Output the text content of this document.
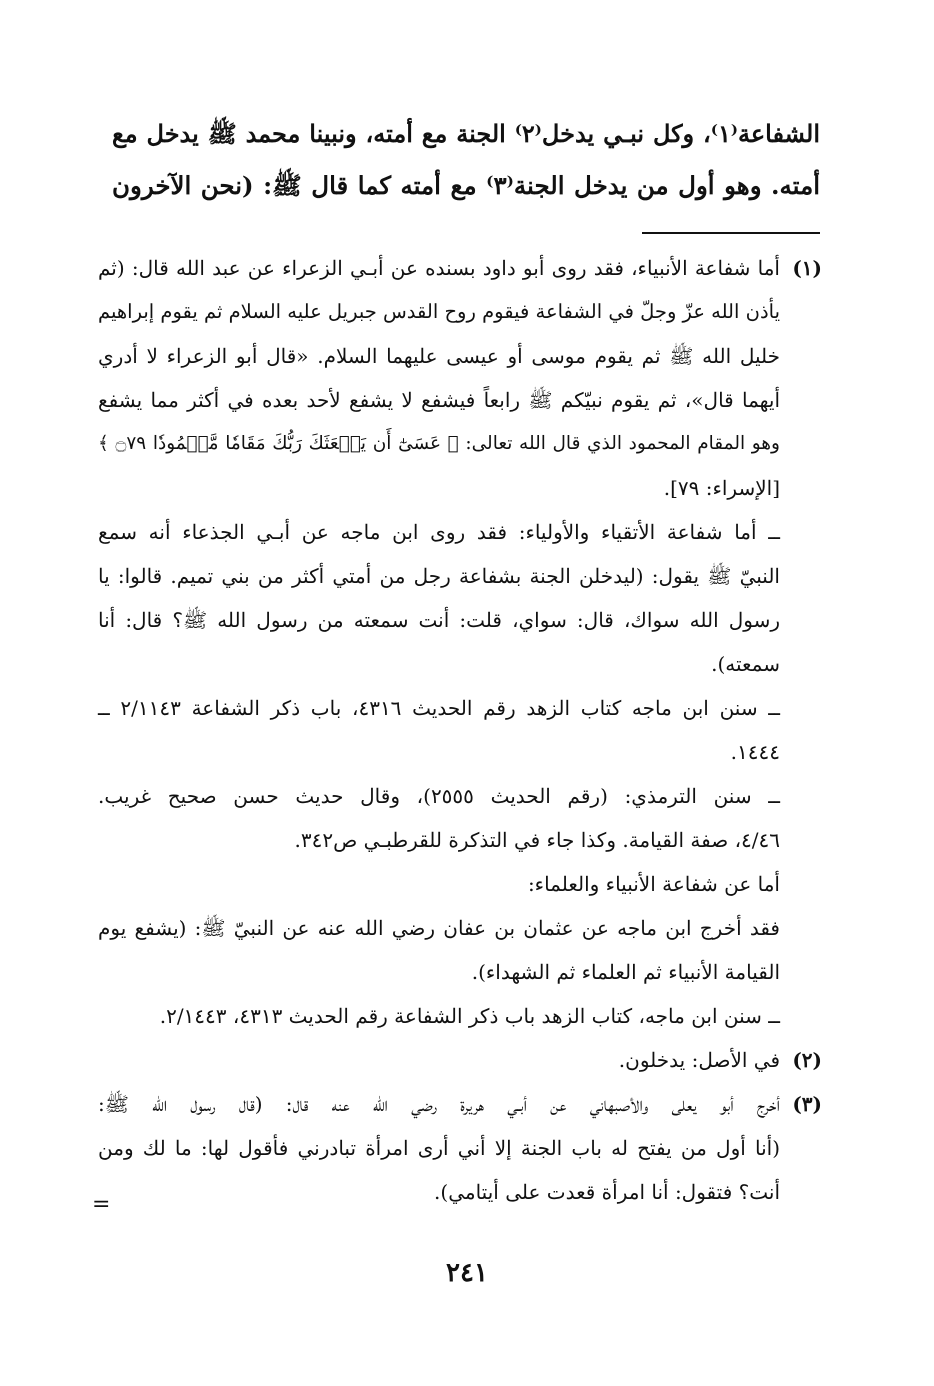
الشفاعة⁽١⁾، وكل نبـي يدخل⁽٢⁾ الجنة مع أمته، ونبينا محمد ﷺ يدخل مع
أمته. وهو أول من يدخل الجنة⁽٣⁾ مع أمته كما قال ﷺ: (نحن الآخرون
(١)
أما شفاعة الأنبياء، فقد روى أبو داود بسنده عن أبـي الزعراء عن عبد الله قال: (ثم
يأذن الله عزّ وجلّ في الشفاعة فيقوم روح القدس جبريل عليه السلام ثم يقوم إبراهيم
خليل الله ﷺ ثم يقوم موسى أو عيسى عليهما السلام. «قال أبو الزعراء لا أدري
أيهما قال»، ثم يقوم نبيّكم ﷺ رابعاً فيشفع لا يشفع لأحد بعده في أكثر مما يشفع
وهو المقام المحمود الذي قال الله تعالى: ﴿ عَسَىٰٓ أَن يَبۡعَثَكَ رَبُّكَ مَقَامٗا مَّحۡمُودٗا ۝٧٩ ﴾
[الإسراء: ٧٩].
ــ أما شفاعة الأتقياء والأولياء: فقد روى ابن ماجه عن أبـي الجذعاء أنه سمع
النبيّ ﷺ يقول: (ليدخلن الجنة بشفاعة رجل من أمتي أكثر من بني تميم. قالوا: يا
رسول الله سواك، قال: سواي، قلت: أنت سمعته من رسول الله ﷺ؟ قال: أنا
سمعته).
ــ سنن ابن ماجه كتاب الزهد رقم الحديث ٤٣١٦، باب ذكر الشفاعة ٢/١١٤٣ ــ
١٤٤٤.
ــ سنن الترمذي: (رقم الحديث ٢٥٥٥)، وقال حديث حسن صحيح غريب.
٤/٤٦، صفة القيامة. وكذا جاء في التذكرة للقرطبـي ص٣٤٢.
أما عن شفاعة الأنبياء والعلماء:
فقد أخرج ابن ماجه عن عثمان بن عفان رضي الله عنه عن النبيّ ﷺ: (يشفع يوم
القيامة الأنبياء ثم العلماء ثم الشهداء).
ــ سنن ابن ماجه، كتاب الزهد باب ذكر الشفاعة رقم الحديث ٤٣١٣، ٢/١٤٤٣.
(٢)
في الأصل: يدخلون.
(٣)
أخرج أبو يعلى والأصبهاني عن أبـي هريرة رضي الله عنه قال: (قال رسول الله ﷺ:
(أنا أول من يفتح له باب الجنة إلا أني أرى امرأة تبادرني فأقول لها: ما لك ومن
أنت؟ فتقول: أنا امرأة قعدت على أيتامي).
=
٢٤١
